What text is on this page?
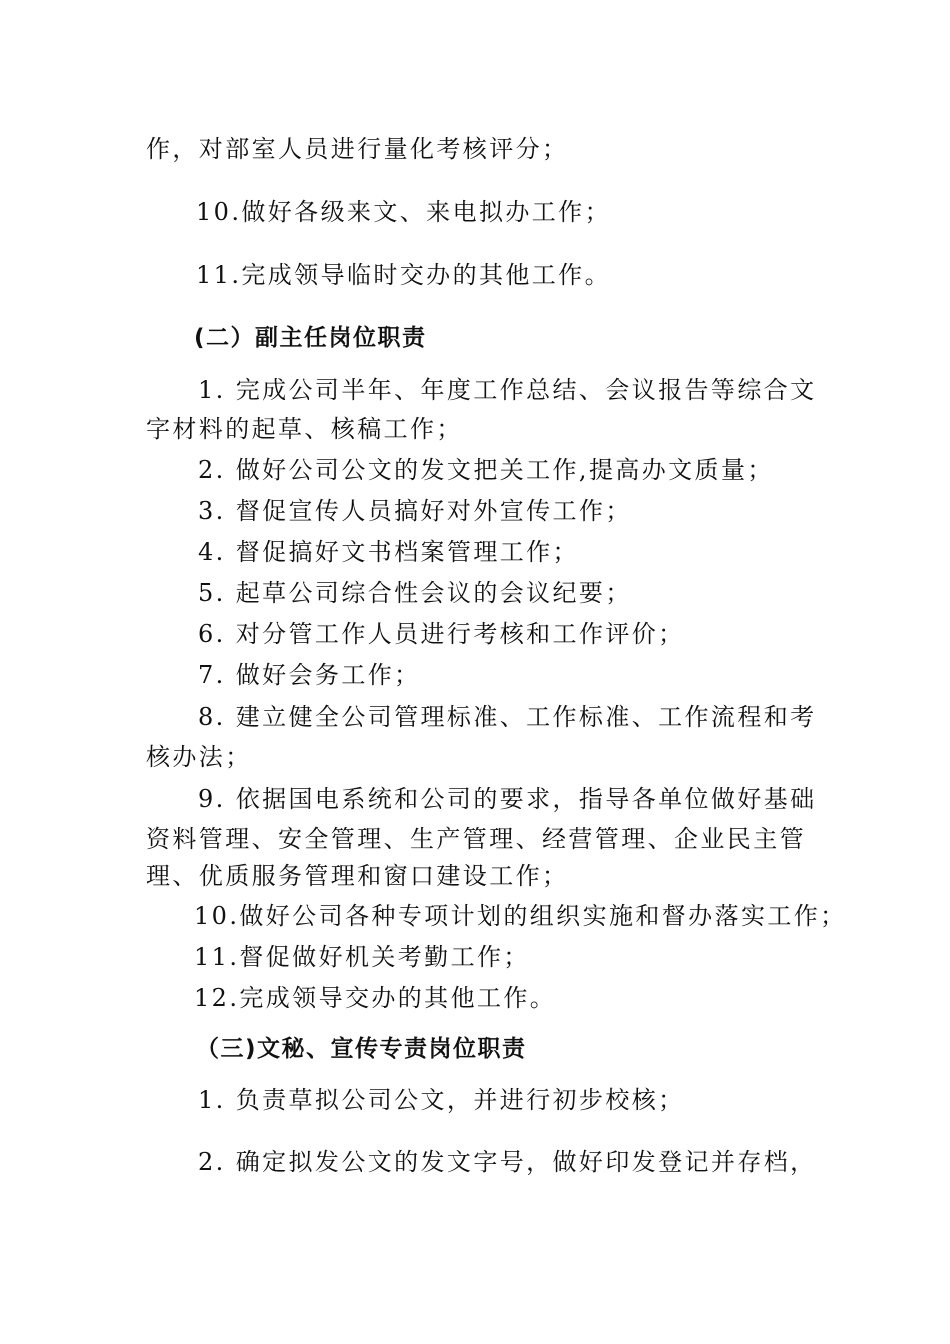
作，对部室人员进行量化考核评分；
10.做好各级来文、来电拟办工作；
11.完成领导临时交办的其他工作。
(二）副主任岗位职责
1. 完成公司半年、年度工作总结、会议报告等综合文
字材料的起草、核稿工作；
2. 做好公司公文的发文把关工作,提高办文质量；
3. 督促宣传人员搞好对外宣传工作；
4. 督促搞好文书档案管理工作；
5. 起草公司综合性会议的会议纪要；
6. 对分管工作人员进行考核和工作评价；
7. 做好会务工作；
8. 建立健全公司管理标准、工作标准、工作流程和考
核办法；
9. 依据国电系统和公司的要求，指导各单位做好基础
资料管理、安全管理、生产管理、经营管理、企业民主管
理、优质服务管理和窗口建设工作；
10.做好公司各种专项计划的组织实施和督办落实工作；
11.督促做好机关考勤工作；
12.完成领导交办的其他工作。
（三)文秘、宣传专责岗位职责
1. 负责草拟公司公文，并进行初步校核；
2. 确定拟发公文的发文字号，做好印发登记并存档，
